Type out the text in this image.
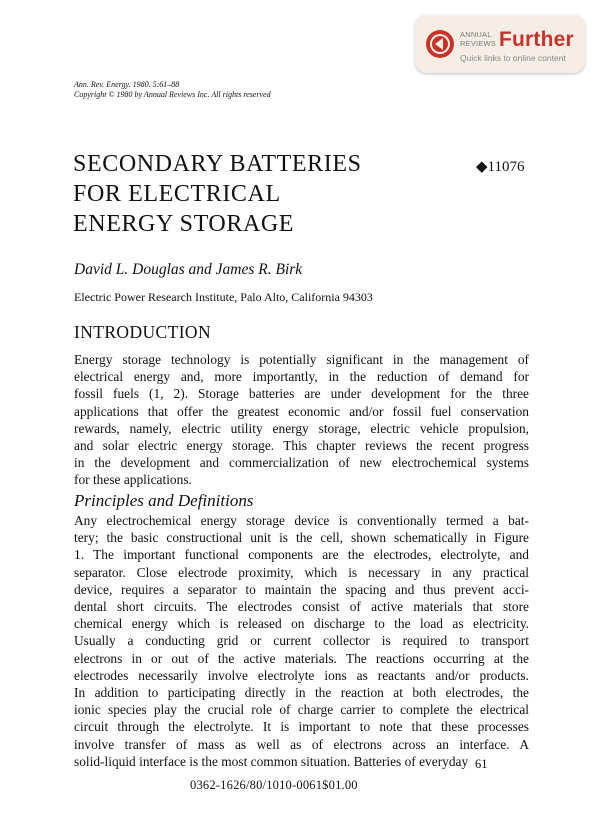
ANNUAL
REVIEWS Further
Quick links to online content
Ann. Rev. Energy. 1980. 5:61–88
Copyright © 1980 by Annual Reviews Inc. All rights reserved
SECONDARY BATTERIES
FOR ELECTRICAL
ENERGY STORAGE
◆11076
David L. Douglas and James R. Birk
Electric Power Research Institute, Palo Alto, California 94303
INTRODUCTION
Energy storage technology is potentially significant in the management of
electrical energy and, more importantly, in the reduction of demand for
fossil fuels (1, 2). Storage batteries are under development for the three
applications that offer the greatest economic and/or fossil fuel conservation
rewards, namely, electric utility energy storage, electric vehicle propulsion,
and solar electric energy storage. This chapter reviews the recent progress
in the development and commercialization of new electrochemical systems
for these applications.
Principles and Definitions
Any electrochemical energy storage device is conventionally termed a bat-
tery; the basic constructional unit is the cell, shown schematically in Figure
1. The important functional components are the electrodes, electrolyte, and
separator. Close electrode proximity, which is necessary in any practical
device, requires a separator to maintain the spacing and thus prevent acci-
dental short circuits. The electrodes consist of active materials that store
chemical energy which is released on discharge to the load as electricity.
Usually a conducting grid or current collector is required to transport
electrons in or out of the active materials. The reactions occurring at the
electrodes necessarily involve electrolyte ions as reactants and/or products.
In addition to participating directly in the reaction at both electrodes, the
ionic species play the crucial role of charge carrier to complete the electrical
circuit through the electrolyte. It is important to note that these processes
involve transfer of mass as well as of electrons across an interface. A
solid-liquid interface is the most common situation. Batteries of everyday 61
0362-1626/80/1010-0061$01.00
